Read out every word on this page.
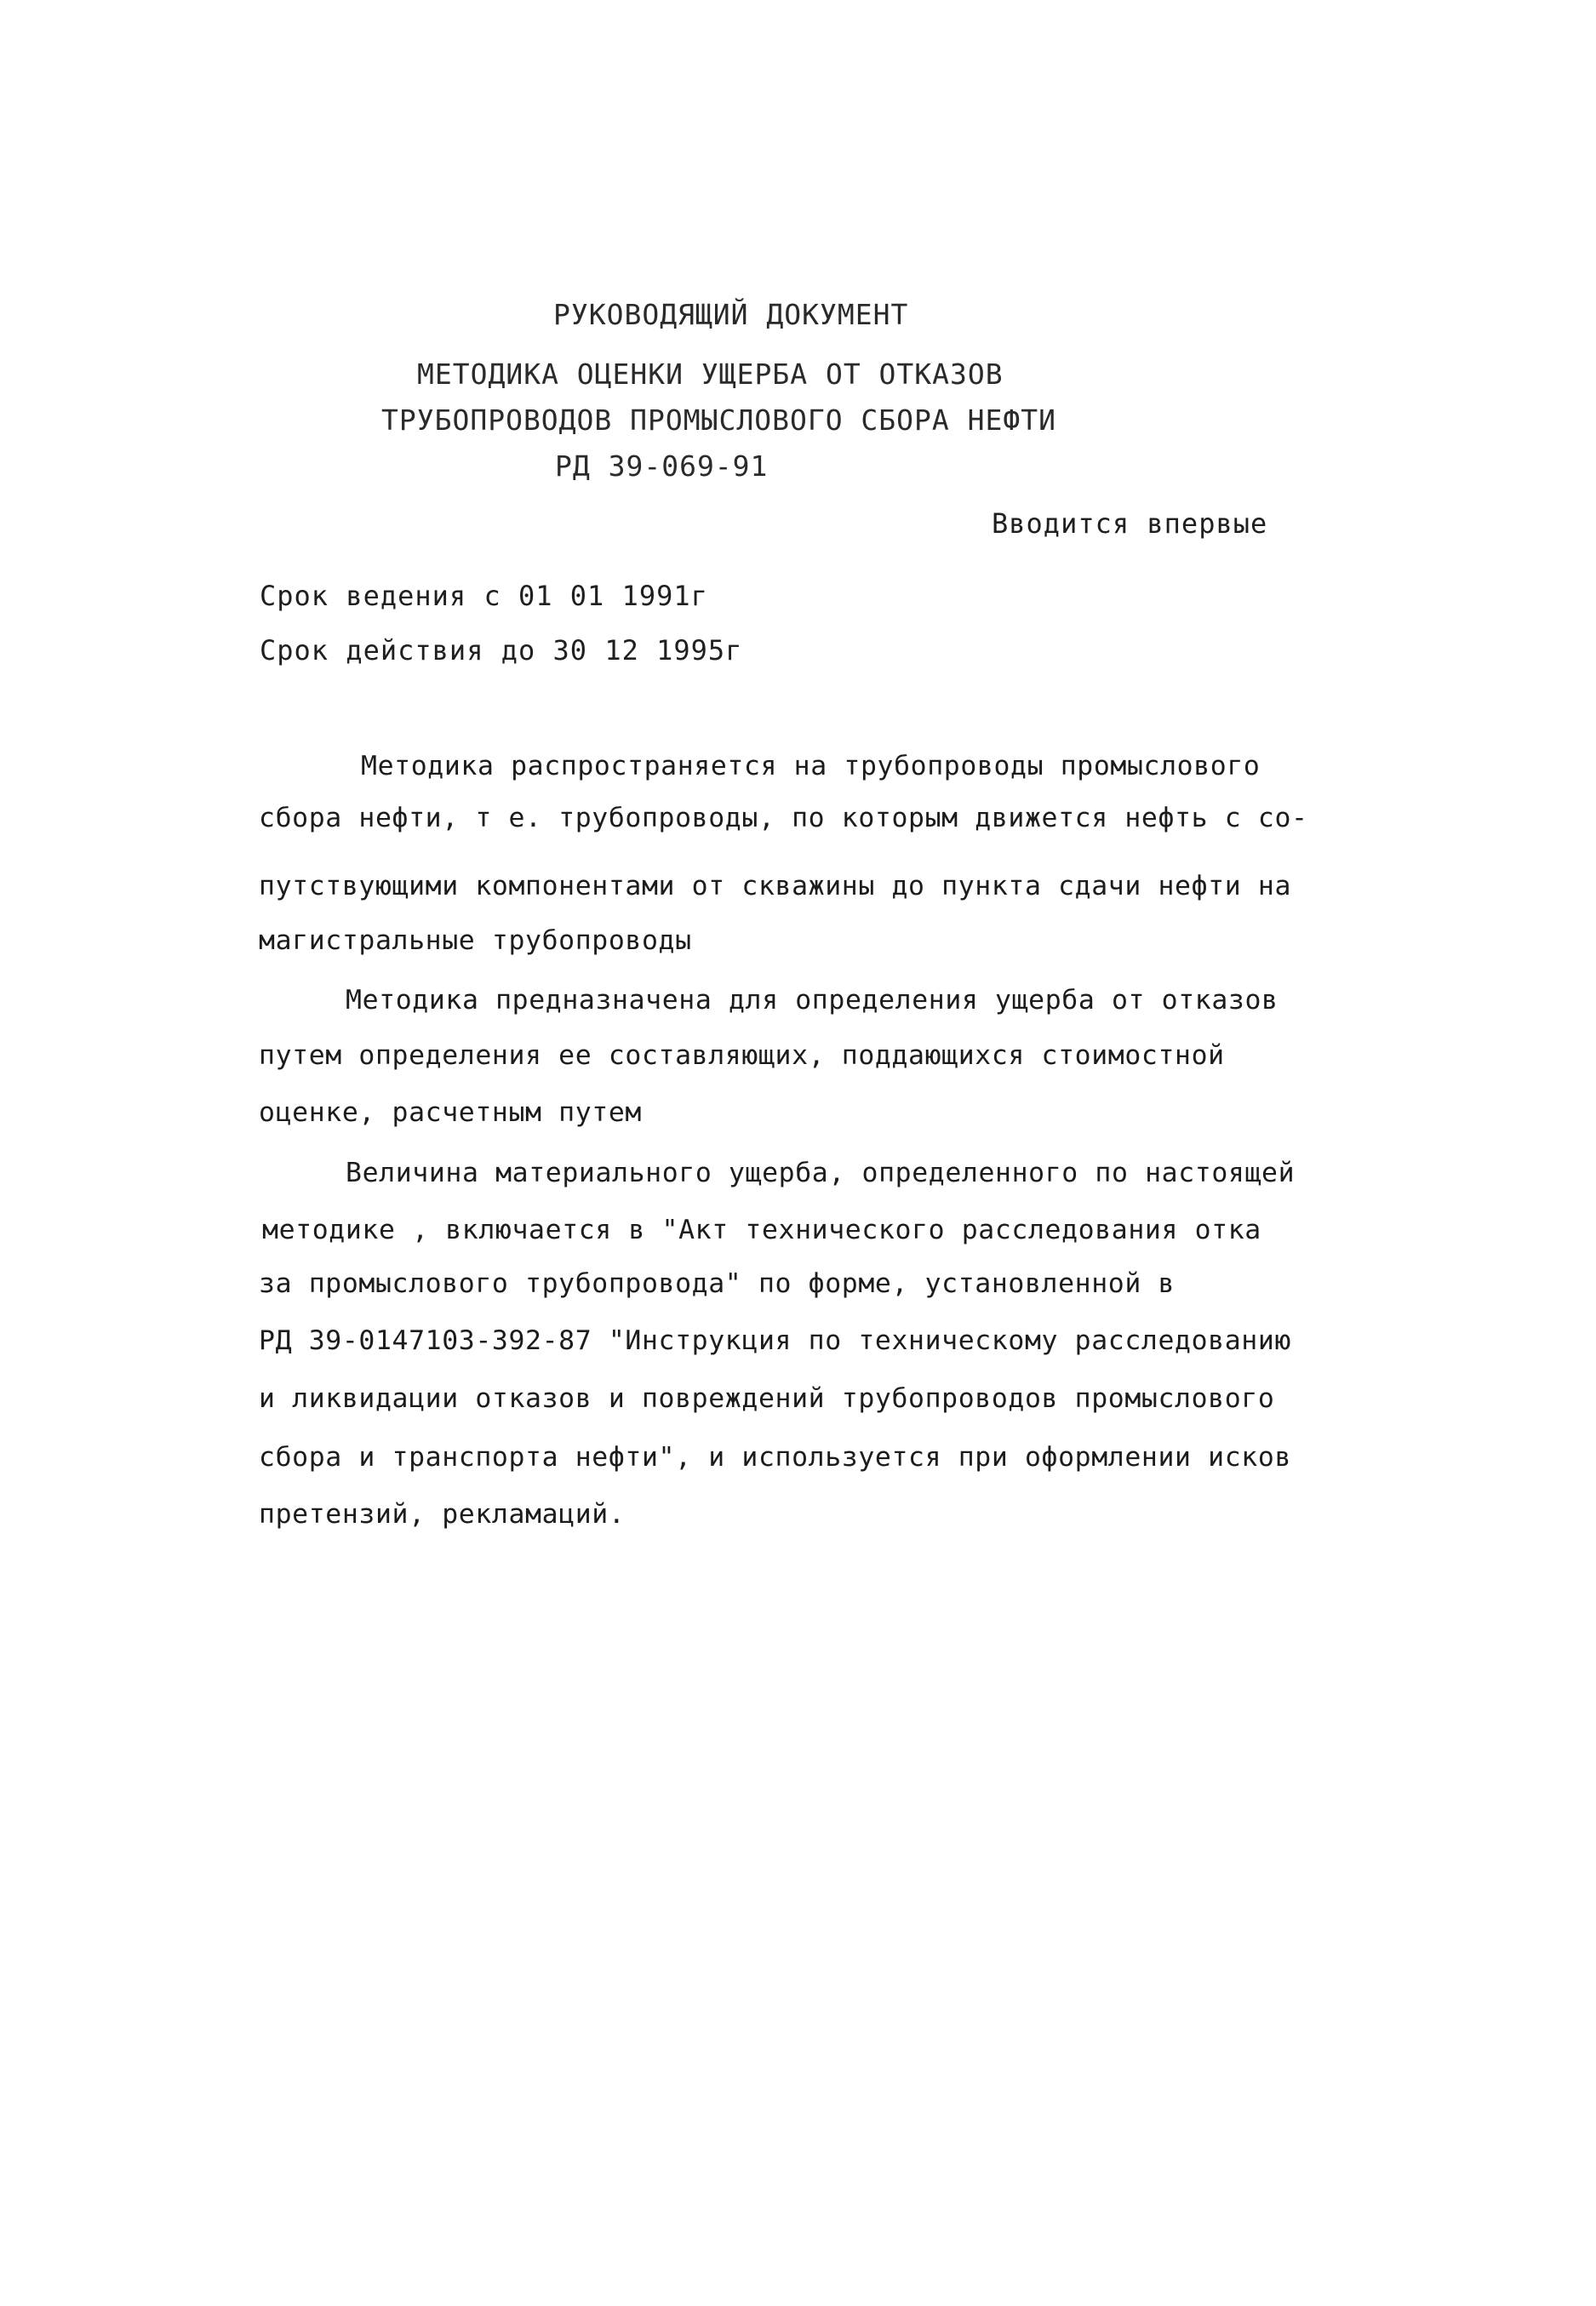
РУКОВОДЯЩИЙ ДОКУМЕНТ
МЕТОДИКА ОЦЕНКИ УЩЕРБА ОТ ОТКАЗОВ
ТРУБОПРОВОДОВ ПРОМЫСЛОВОГО СБОРА НЕФТИ
РД 39-069-91
Вводится впервые
Срок ведения с 01 01 1991г
Срок действия до 30 12 1995г
Методика распространяется на трубопроводы промыслового
сбора нефти, т е. трубопроводы, по которым движется нефть с со-
путствующими компонентами от скважины до пункта сдачи нефти на
магистральные трубопроводы
Методика предназначена для определения ущерба от отказов
путем определения ее составляющих, поддающихся стоимостной
оценке, расчетным путем
Величина материального ущерба, определенного по настоящей
методике , включается в "Акт технического расследования отка
за промыслового трубопровода" по форме, установленной в
РД 39-0147103-392-87 "Инструкция по техническому расследованию
и ликвидации отказов и повреждений трубопроводов промыслового
сбора и транспорта нефти", и используется при оформлении исков
претензий, рекламаций.
